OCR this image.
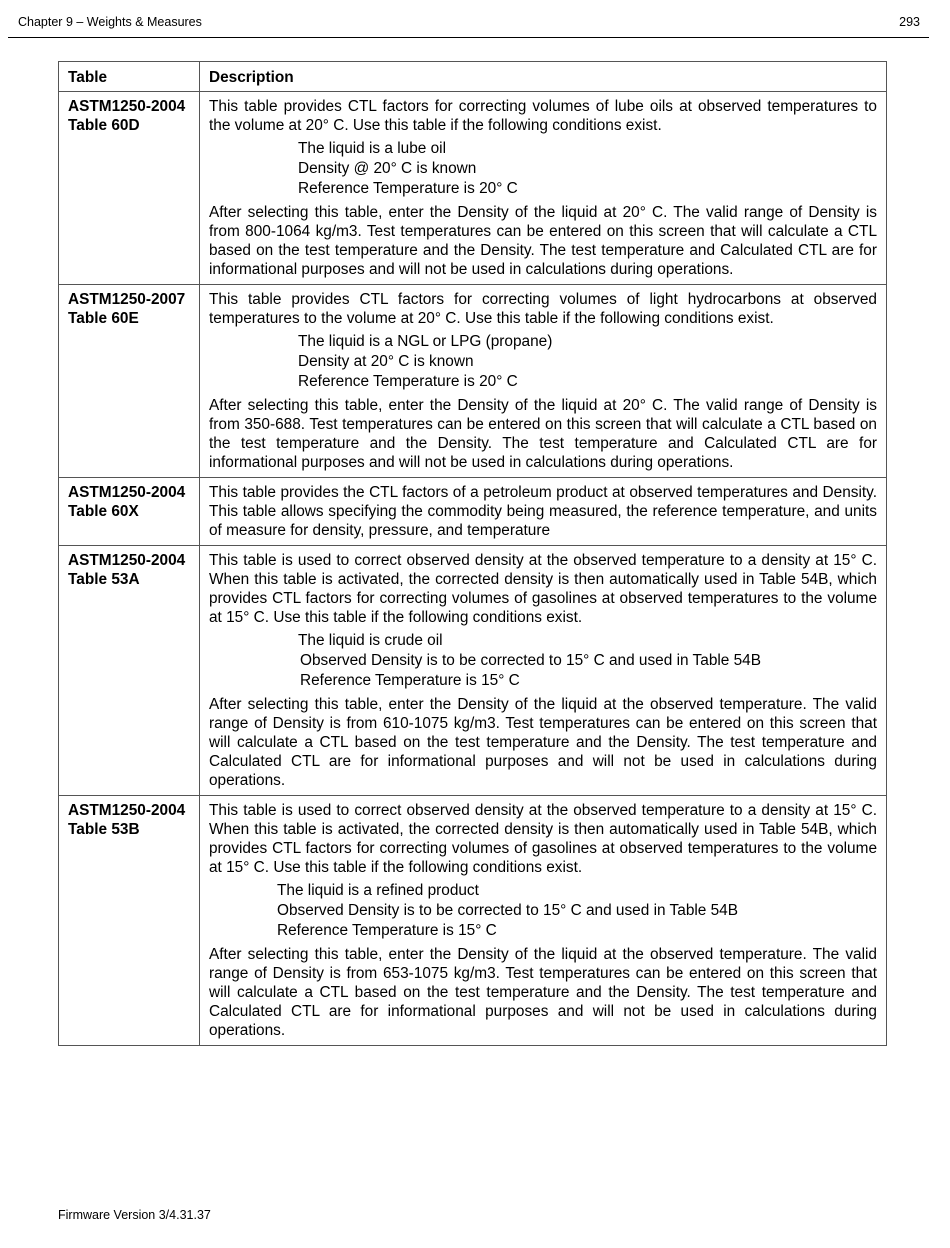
Chapter 9 – Weights & Measures	293
Table	Description
ASTM1250-2004 Table 60D	This table provides CTL factors for correcting volumes of lube oils at observed temperatures to the volume at 20° C. Use this table if the following conditions exist.

The liquid is a lube oil
Density @ 20° C is known
Reference Temperature is 20° C

After selecting this table, enter the Density of the liquid at 20° C. The valid range of Density is from 800-1064 kg/m3. Test temperatures can be entered on this screen that will calculate a CTL based on the test temperature and the Density. The test temperature and Calculated CTL are for informational purposes and will not be used in calculations during operations.

ASTM1250-2007 Table 60E	This table provides CTL factors for correcting volumes of light hydrocarbons at observed temperatures to the volume at 20° C. Use this table if the following conditions exist.

The liquid is a NGL or LPG (propane)
Density at 20° C is known
Reference Temperature is 20° C

After selecting this table, enter the Density of the liquid at 20° C. The valid range of Density is from 350-688. Test temperatures can be entered on this screen that will calculate a CTL based on the test temperature and the Density. The test temperature and Calculated CTL are for informational purposes and will not be used in calculations during operations.

ASTM1250-2004 Table 60X	This table provides the CTL factors of a petroleum product at observed temperatures and Density. This table allows specifying the commodity being measured, the reference temperature, and units of measure for density, pressure, and temperature

ASTM1250-2004 Table 53A	This table is used to correct observed density at the observed temperature to a density at 15° C. When this table is activated, the corrected density is then automatically used in Table 54B, which provides CTL factors for correcting volumes of gasolines at observed temperatures to the volume at 15° C. Use this table if the following conditions exist.

The liquid is crude oil
Observed Density is to be corrected to 15° C and used in Table 54B
Reference Temperature is 15° C

After selecting this table, enter the Density of the liquid at the observed temperature. The valid range of Density is from 610-1075 kg/m3. Test temperatures can be entered on this screen that will calculate a CTL based on the test temperature and the Density. The test temperature and Calculated CTL are for informational purposes and will not be used in calculations during operations.

ASTM1250-2004 Table 53B	This table is used to correct observed density at the observed temperature to a density at 15° C. When this table is activated, the corrected density is then automatically used in Table 54B, which provides CTL factors for correcting volumes of gasolines at observed temperatures to the volume at 15° C. Use this table if the following conditions exist.

The liquid is a refined product
Observed Density is to be corrected to 15° C and used in Table 54B
Reference Temperature is 15° C

After selecting this table, enter the Density of the liquid at the observed temperature. The valid range of Density is from 653-1075 kg/m3. Test temperatures can be entered on this screen that will calculate a CTL based on the test temperature and the Density. The test temperature and Calculated CTL are for informational purposes and will not be used in calculations during operations.

Firmware Version 3/4.31.37
